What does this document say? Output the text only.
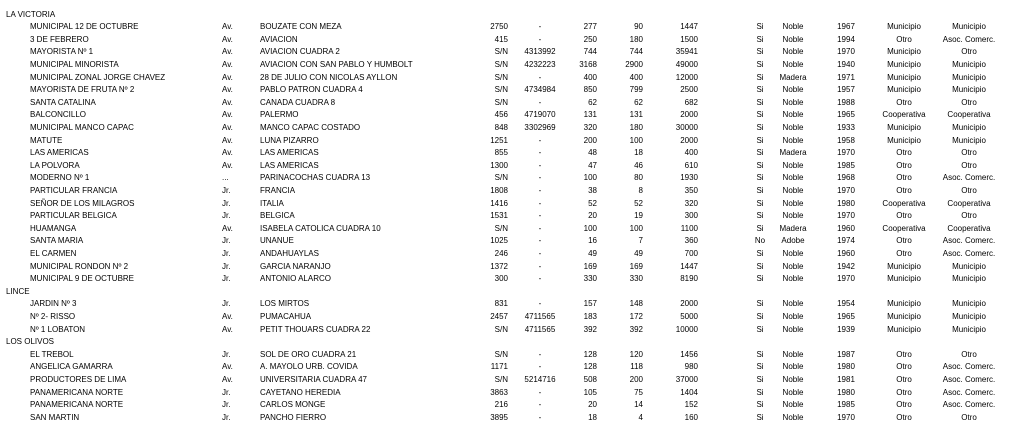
LA VICTORIA
MUNICIPAL 12 DE OCTUBRE	Av.	BOUZATE CON MEZA	2750	-	277	90	1447	Si	Noble	1967	Municipio	Municipio
3 DE FEBRERO	Av.	AVIACION	415	-	250	180	1500	Si	Noble	1994	Otro	Asoc. Comerc.
MAYORISTA Nº 1	Av.	AVIACION CUADRA 2	S/N	4313992	744	744	35941	Si	Noble	1970	Municipio	Otro
MUNICIPAL MINORISTA	Av.	AVIACION CON SAN PABLO Y HUMBOLT	S/N	4232223	3168	2900	49000	Si	Noble	1940	Municipio	Municipio
MUNICIPAL ZONAL JORGE CHAVEZ	Av.	28 DE JULIO CON NICOLAS AYLLON	S/N	-	400	400	12000	Si	Madera	1971	Municipio	Municipio
MAYORISTA DE FRUTA Nº 2	Av.	PABLO PATRON CUADRA 4	S/N	4734984	850	799	2500	Si	Noble	1957	Municipio	Municipio
SANTA CATALINA	Av.	CANADA CUADRA 8	S/N	-	62	62	682	Si	Noble	1988	Otro	Otro
BALCONCILLO	Av.	PALERMO	456	4719070	131	131	2000	Si	Noble	1965	Cooperativa	Cooperativa
MUNICIPAL MANCO CAPAC	Av.	MANCO CAPAC COSTADO	848	3302969	320	180	30000	Si	Noble	1933	Municipio	Municipio
MATUTE	Av.	LUNA PIZARRO	1251	-	200	100	2000	Si	Noble	1958	Municipio	Municipio
LAS AMERICAS	Av.	LAS AMERICAS	855	-	48	18	400	Si	Madera	1970	Otro	Otro
LA POLVORA	Av.	LAS AMERICAS	1300	-	47	46	610	Si	Noble	1985	Otro	Otro
MODERNO Nº 1	...	PARINACOCHAS CUADRA 13	S/N	-	100	80	1930	Si	Noble	1968	Otro	Asoc. Comerc.
PARTICULAR FRANCIA	Jr.	FRANCIA	1808	-	38	8	350	Si	Noble	1970	Otro	Otro
SEÑOR DE LOS MILAGROS	Jr.	ITALIA	1416	-	52	52	320	Si	Noble	1980	Cooperativa	Cooperativa
PARTICULAR BELGICA	Jr.	BELGICA	1531	-	20	19	300	Si	Noble	1970	Otro	Otro
HUAMANGA	Av.	ISABELA CATOLICA CUADRA 10	S/N	-	100	100	1100	Si	Madera	1960	Cooperativa	Cooperativa
SANTA MARIA	Jr.	UNANUE	1025	-	16	7	360	No	Adobe	1974	Otro	Asoc. Comerc.
EL CARMEN	Jr.	ANDAHUAYLAS	246	-	49	49	700	Si	Noble	1960	Otro	Asoc. Comerc.
MUNICIPAL RONDON Nº 2	Jr.	GARCIA NARANJO	1372	-	169	169	1447	Si	Noble	1942	Municipio	Municipio
MUNICIPAL 9 DE OCTUBRE	Jr.	ANTONIO ALARCO	300	-	330	330	8190	Si	Noble	1970	Municipio	Municipio
LINCE
JARDIN Nº 3	Jr.	LOS MIRTOS	831	-	157	148	2000	Si	Noble	1954	Municipio	Municipio
Nº 2- RISSO	Av.	PUMACAHUA	2457	4711565	183	172	5000	Si	Noble	1965	Municipio	Municipio
Nº 1 LOBATON	Av.	PETIT THOUARS CUADRA 22	S/N	4711565	392	392	10000	Si	Noble	1939	Municipio	Municipio
LOS OLIVOS
EL TREBOL	Jr.	SOL DE ORO CUADRA 21	S/N	-	128	120	1456	Si	Noble	1987	Otro	Otro
ANGELICA GAMARRA	Av.	A. MAYOLO URB. COVIDA	1171	-	128	118	980	Si	Noble	1980	Otro	Asoc. Comerc.
PRODUCTORES DE LIMA	Av.	UNIVERSITARIA CUADRA 47	S/N	5214716	508	200	37000	Si	Noble	1981	Otro	Asoc. Comerc.
PANAMERICANA NORTE	Jr.	CAYETANO HEREDIA	3863	-	105	75	1404	Si	Noble	1980	Otro	Asoc. Comerc.
PANAMERICANA NORTE	Jr.	CARLOS MONGE	216	-	20	14	152	Si	Noble	1985	Otro	Asoc. Comerc.
SAN MARTIN	Jr.	PANCHO FIERRO	3895	-	18	4	160	Si	Noble	1970	Otro	Otro
